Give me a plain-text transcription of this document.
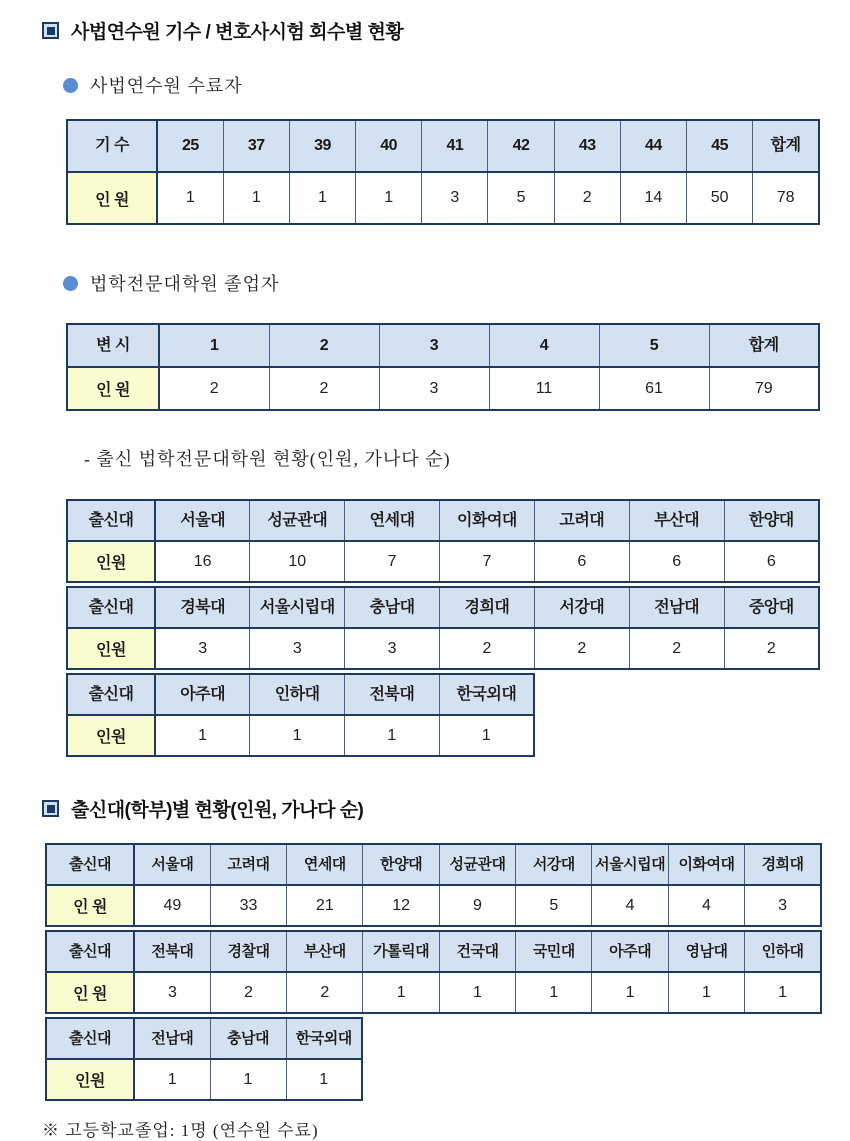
사법연수원 기수 / 변호사시험 회수별 현황
사법연수원 수료자
기 수	25	37	39	40	41	42	43	44	45	합계
인 원	1	1	1	1	3	5	2	14	50	78
법학전문대학원 졸업자
변 시	1	2	3	4	5	합계
인 원	2	2	3	11	61	79
- 출신 법학전문대학원 현황(인원, 가나다 순)
출신대	서울대	성균관대	연세대	이화여대	고려대	부산대	한양대
인원	16	10	7	7	6	6	6
출신대	경북대	서울시립대	충남대	경희대	서강대	전남대	중앙대
인원	3	3	3	2	2	2	2
출신대	아주대	인하대	전북대	한국외대
인원	1	1	1	1
출신대(학부)별 현황(인원, 가나다 순)
출신대	서울대	고려대	연세대	한양대	성균관대	서강대	서울시립대	이화여대	경희대
인 원	49	33	21	12	9	5	4	4	3
출신대	전북대	경찰대	부산대	가톨릭대	건국대	국민대	아주대	영남대	인하대
인 원	3	2	2	1	1	1	1	1	1
출신대	전남대	충남대	한국외대
인원	1	1	1
※ 고등학교졸업: 1명 (연수원 수료)
